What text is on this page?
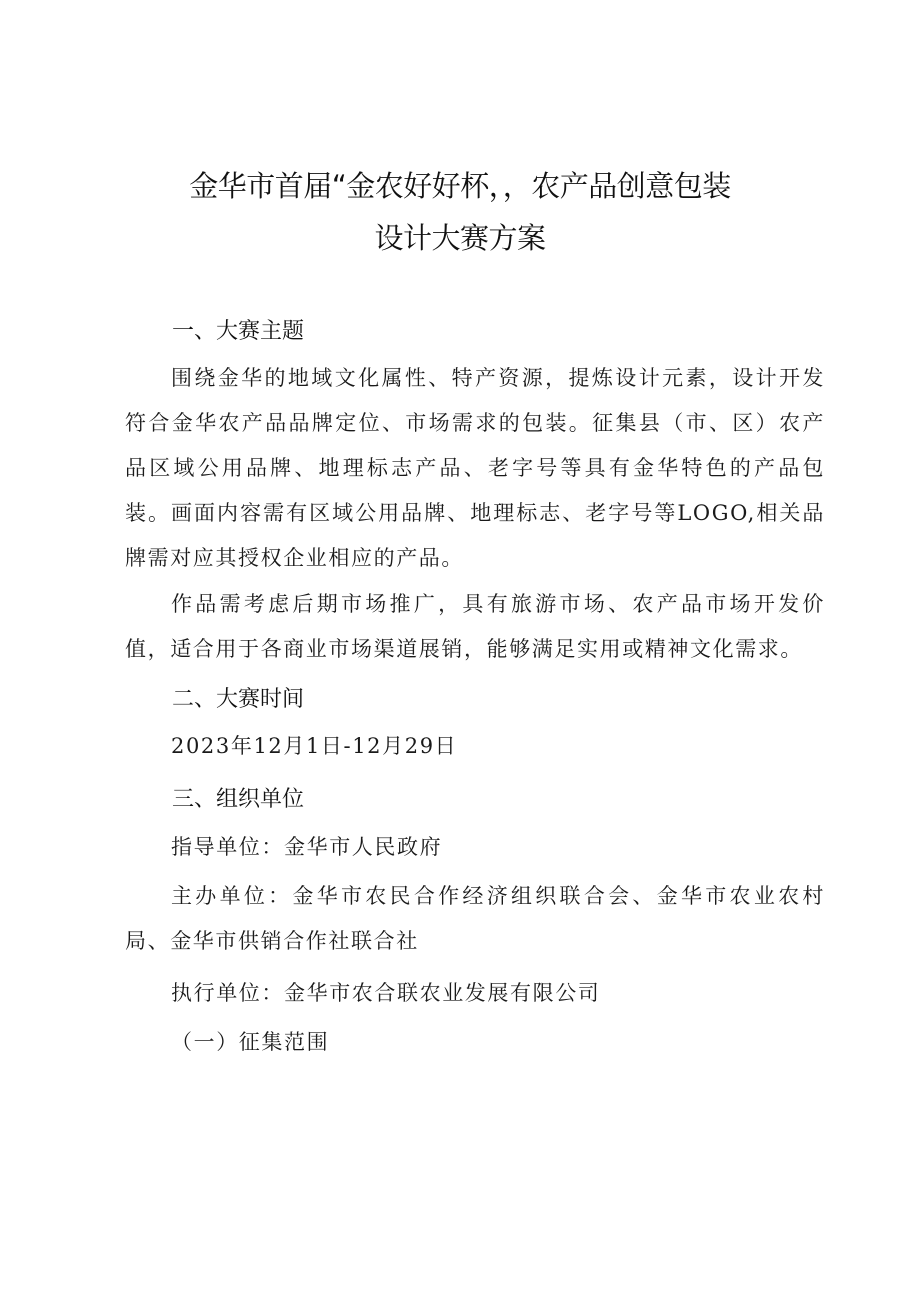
金华市首届“金农好好杯，，农产品创意包装
设计大赛方案
一、大赛主题

围绕金华的地域文化属性、特产资源，提炼设计元素，设计开发符合金华农产品品牌定位、市场需求的包装。征集县（市、区）农产品区域公用品牌、地理标志产品、老字号等具有金华特色的产品包装。画面内容需有区域公用品牌、地理标志、老字号等LOGO,相关品牌需对应其授权企业相应的产品。

作品需考虑后期市场推广，具有旅游市场、农产品市场开发价值，适合用于各商业市场渠道展销，能够满足实用或精神文化需求。

二、大赛时间

2023年12月1日-12月29日

三、组织单位

指导单位：金华市人民政府

主办单位：金华市农民合作经济组织联合会、金华市农业农村局、金华市供销合作社联合社

执行单位：金华市农合联农业发展有限公司

（一）征集范围
